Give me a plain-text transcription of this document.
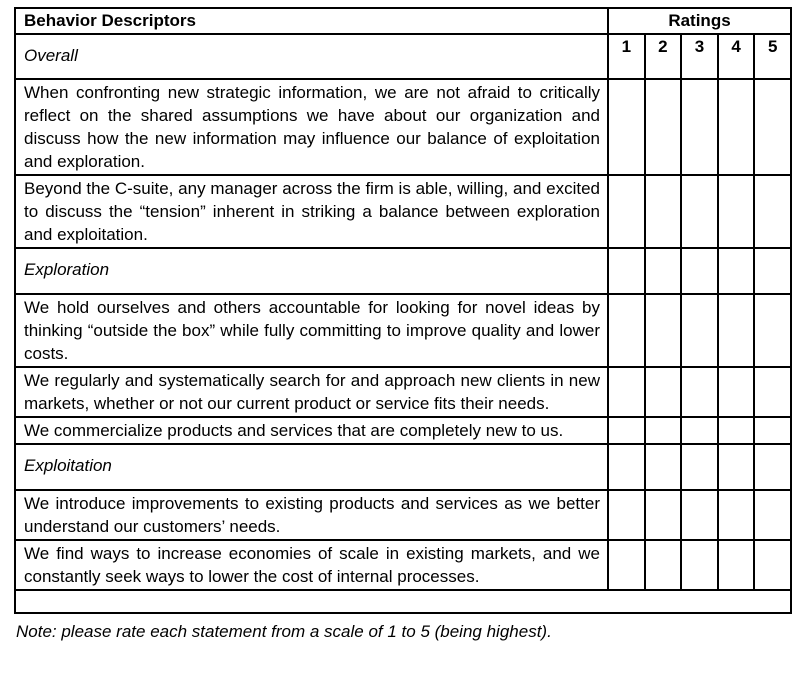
Behavior Descriptors	Ratings				
Overall	1	2	3	4	5
When confronting new strategic information, we are not afraid to critically reflect on the shared assumptions we have about our organization and discuss how the new information may influence our balance of exploitation and exploration.					
Beyond the C-suite, any manager across the firm is able, willing, and excited to discuss the “tension” inherent in striking a balance between exploration and exploitation.					
Exploration					
We hold ourselves and others accountable for looking for novel ideas by thinking “outside the box” while fully committing to improve quality and lower costs.					
We regularly and systematically search for and approach new clients in new markets, whether or not our current product or service fits their needs.					
We commercialize products and services that are completely new to us.					
Exploitation					
We introduce improvements to existing products and services as we better understand our customers’ needs.					
We find ways to increase economies of scale in existing markets, and we constantly seek ways to lower the cost of internal processes.					

Note: please rate each statement from a scale of 1 to 5 (being highest).
